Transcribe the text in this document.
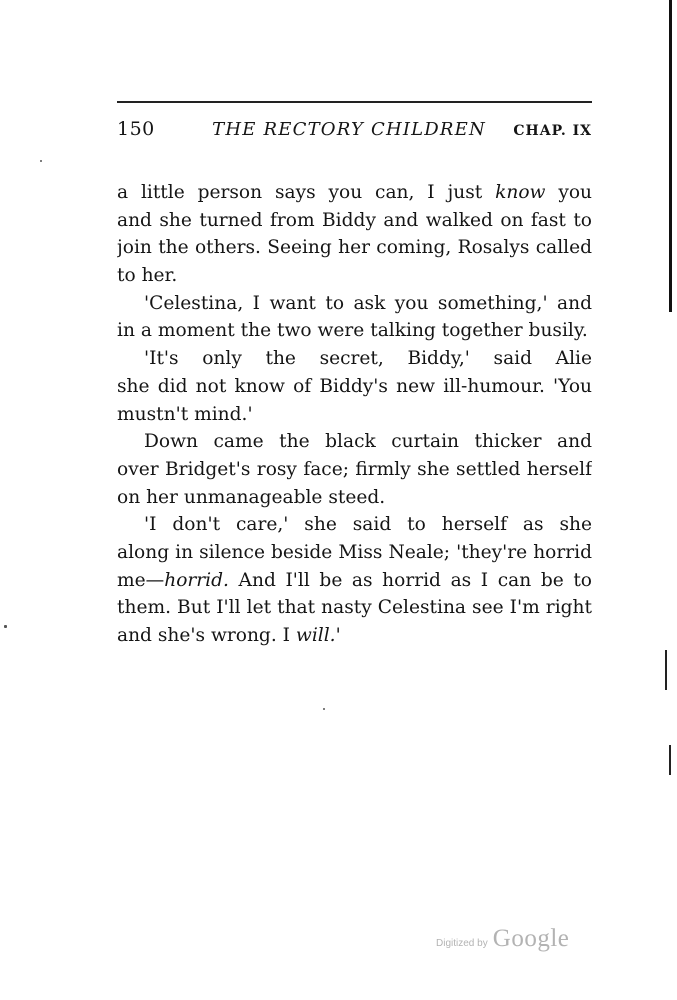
150	THE RECTORY CHILDREN CHAP. IX
a little person says you can, I just know you
and she turned from Biddy and walked on fast to
join the others. Seeing her coming, Rosalys called
to her.
'Celestina, I want to ask you something,' and
in a moment the two were talking together busily.
'It's only the secret, Biddy,' said Alie
she did not know of Biddy's new ill-humour. 'You
mustn't mind.'
Down came the black curtain thicker and
over Bridget's rosy face; firmly she settled herself
on her unmanageable steed.
'I don't care,' she said to herself as she
along in silence beside Miss Neale; 'they're horrid
me—horrid. And I'll be as horrid as I can be to
them. But I'll let that nasty Celestina see I'm right
and she's wrong. I will.'
Digitized by Google
